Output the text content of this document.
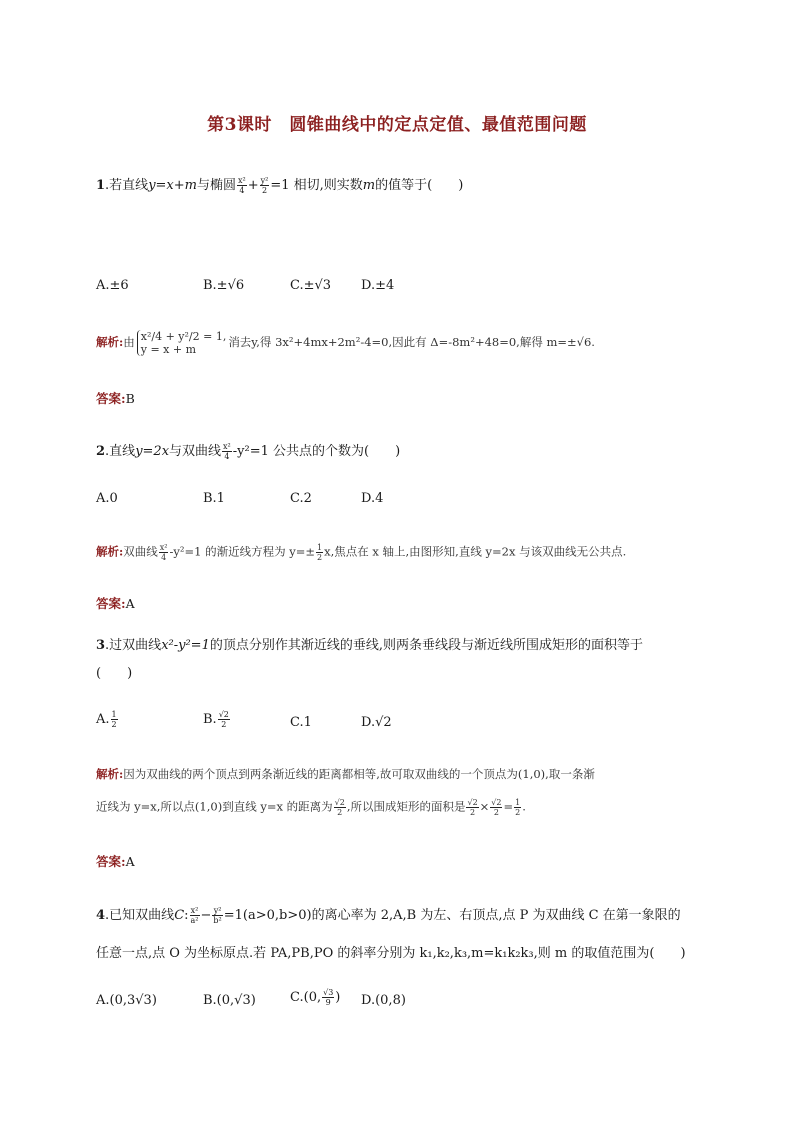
第3课时　圆锥曲线中的定点定值、最值范围问题
1.若直线y=x+m与椭圆 $\frac{\text{x²}}{4} + \frac{\text{y²}}{2} =1$ 相切,则实数m的值等于(　　)
A.±6	B.±√6	C.±√3 D.±4
解析:由 x²/4 + y²/2 = 1,
y = x + m
消去y,得 3x²+4mx+2m²-4=0,因此有 Δ=-8m²+48=0,解得 m=±√6.
答案:B
2.直线y=2x与双曲线 $\frac{\text{x²}}{4} -y^2=1$ 公共点的个数为(　　)
A.0	B.1	C.2	D.4
解析:双曲线 $\frac{\text{x²}}{4} -y^2=1$ 的渐近线方程为 $y=\pm \frac{1}{2} x$,焦点在 x 轴上,由图形知,直线 y=2x 与该双曲线无公共点.
答案:A
3.过双曲线x²-y²=1的顶点分别作其渐近线的垂线,则两条垂线段与渐近线所围成矩形的面积等于
(　　)
A. $\frac{1}{2}$	B. $\frac{√2}{2}$	C.1	D.√2
解析:因为双曲线的两个顶点到两条渐近线的距离都相等,故可取双曲线的一个顶点为(1,0),取一条渐
近线为 y=x,所以点(1,0)到直线 y=x 的距离为 $\frac{√2}{2}$ ,所以围成矩形的面积是 $\frac{√2}{2} \times \frac{√2}{2} = \frac{1}{2}$ .
答案:A
4.已知双曲线C: $\frac{\text{x²}}{\text{a²}} - \frac{\text{y²}}{\text{b²}} =1(a>0,b>0)$的离心率为 2,A,B 为左、右顶点,点 P 为双曲线 C 在第一象限的
任意一点,点 O 为坐标原点.若 PA,PB,PO 的斜率分别为 k₁,k₂,k₃,m=k₁k₂k₃,则 m 的取值范围为(　　)
A.(0,3√3)	B.(0,√3)	C.(0, $\frac{√3}{9}$ ) D.(0,8)
